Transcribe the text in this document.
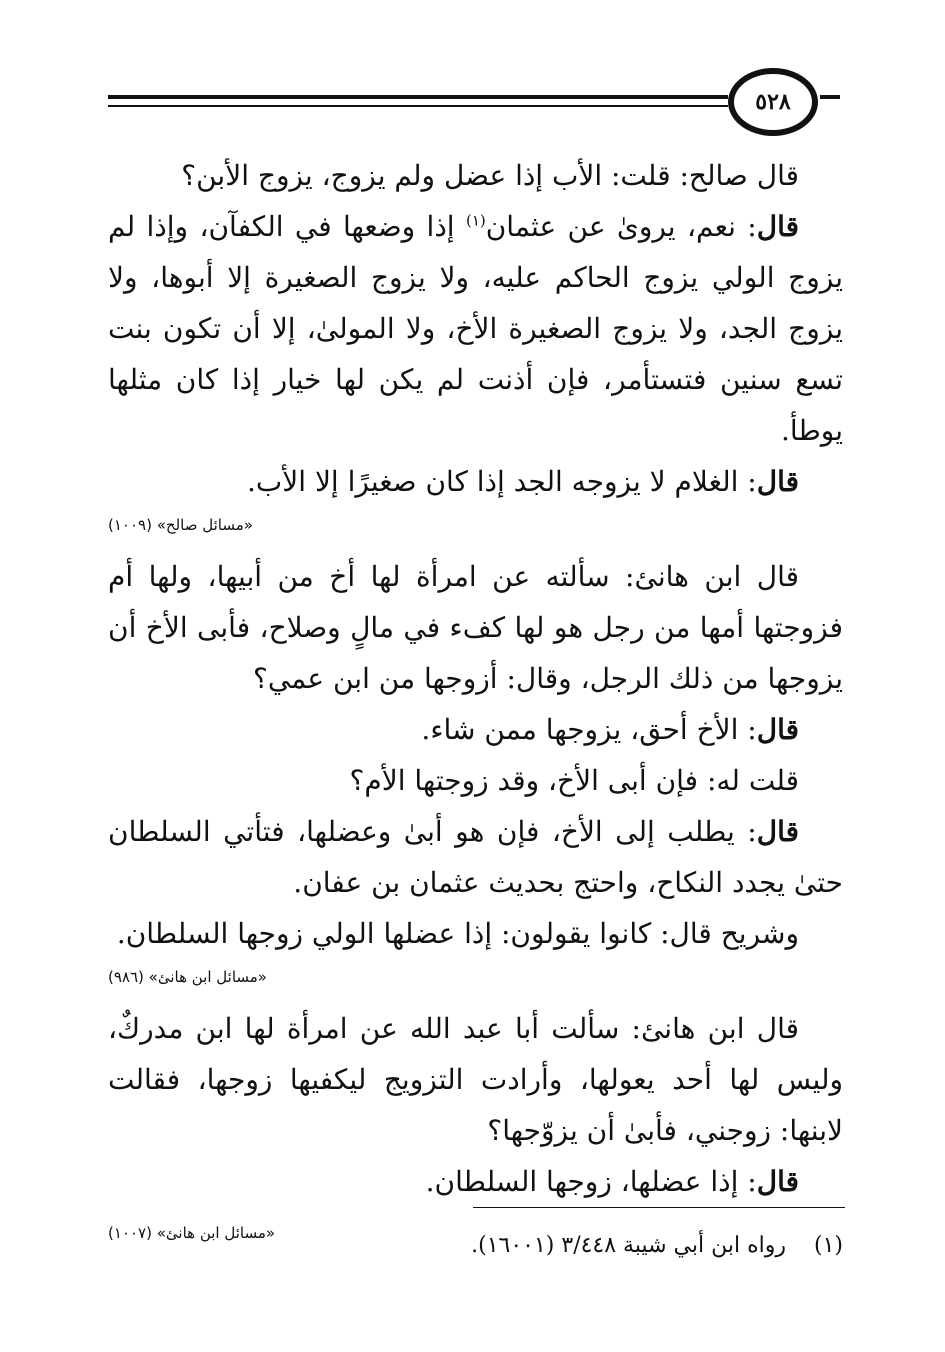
٥٢٨

قال صالح: قلت: الأب إذا عضل ولم يزوج، يزوج الأبن؟

قال: نعم، يروىٰ عن عثمان$^{(١)}$ إذا وضعها في الكفآن، وإذا لم يزوج الولي يزوج الحاكم عليه، ولا يزوج الصغيرة إلا أبوها، ولا يزوج الجد، ولا يزوج الصغيرة الأخ، ولا المولىٰ، إلا أن تكون بنت تسع سنين فتستأمر، فإن أذنت لم يكن لها خيار إذا كان مثلها يوطأ.

قال: الغلام لا يزوجه الجد إذا كان صغيرًا إلا الأب.

«مسائل صالح» (١٠٠٩)

قال ابن هانئ: سألته عن امرأة لها أخ من أبيها، ولها أم فزوجتها أمها من رجل هو لها كفء في مالٍ وصلاح، فأبى الأخ أن يزوجها من ذلك الرجل، وقال: أزوجها من ابن عمي؟

قال: الأخ أحق، يزوجها ممن شاء.

قلت له: فإن أبى الأخ، وقد زوجتها الأم؟

قال: يطلب إلى الأخ، فإن هو أبىٰ وعضلها، فتأتي السلطان حتىٰ يجدد النكاح، واحتج بحديث عثمان بن عفان.

وشريح قال: كانوا يقولون: إذا عضلها الولي زوجها السلطان.

«مسائل ابن هانئ» (٩٨٦)

قال ابن هانئ: سألت أبا عبد الله عن امرأة لها ابن مدركٌ، وليس لها أحد يعولها، وأرادت التزويج ليكفيها زوجها، فقالت لابنها: زوجني، فأبىٰ أن يزوّجها؟

قال: إذا عضلها، زوجها السلطان.

«مسائل ابن هانئ» (١٠٠٧)	(١)    رواه ابن أبي شيبة ٣/٤٤٨ (١٦٠٠١).
